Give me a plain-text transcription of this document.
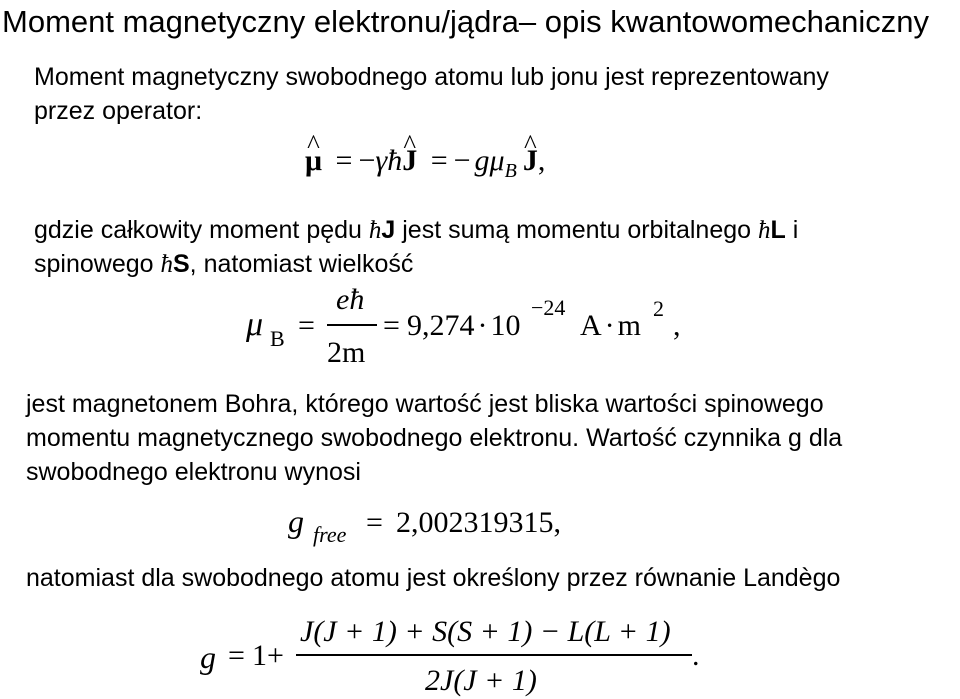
Moment magnetyczny elektronu/jądra– opis kwantowomechaniczny
Moment magnetyczny swobodnego atomu lub jonu jest reprezentowany
przez operator:
^ μ = −γħ^ J = − $g\mu_B\^{}$ J,
gdzie całkowity moment pędu ħJ jest sumą momentu orbitalnego ħL i
spinowego ħS, natomiast wielkość
μ B =
eħ
2m
= 9,274 · 10
−24
A · m
2
,
jest magnetonem Bohra, którego wartość jest bliska wartości spinowego
momentu magnetycznego swobodnego elektronu. Wartość czynnika g dla
swobodnego elektronu wynosi
g free = 2,002319315,
natomiast dla swobodnego atomu jest określony przez równanie Landègo
g = 1+
J(J + 1) + S(S + 1) − L(L + 1)
2J(J + 1)
.
